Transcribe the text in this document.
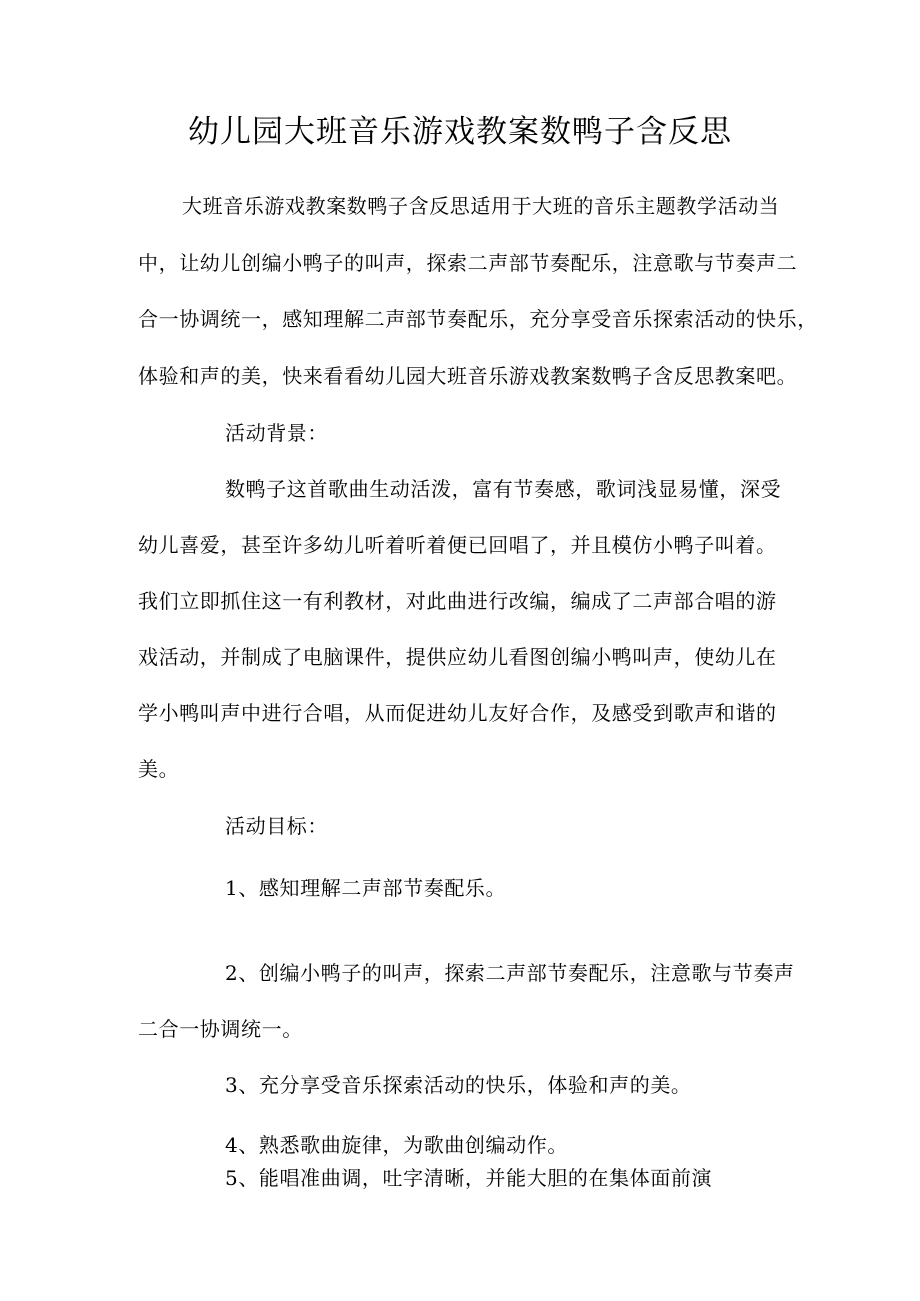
幼儿园大班音乐游戏教案数鸭子含反思
大班音乐游戏教案数鸭子含反思适用于大班的音乐主题教学活动当
中，让幼儿创编小鸭子的叫声，探索二声部节奏配乐，注意歌与节奏声二
合一协调统一，感知理解二声部节奏配乐，充分享受音乐探索活动的快乐，
体验和声的美，快来看看幼儿园大班音乐游戏教案数鸭子含反思教案吧。
活动背景：
数鸭子这首歌曲生动活泼，富有节奏感，歌词浅显易懂，深受
幼儿喜爱，甚至许多幼儿听着听着便已回唱了，并且模仿小鸭子叫着。
我们立即抓住这一有利教材，对此曲进行改编，编成了二声部合唱的游
戏活动，并制成了电脑课件，提供应幼儿看图创编小鸭叫声，使幼儿在
学小鸭叫声中进行合唱，从而促进幼儿友好合作，及感受到歌声和谐的
美。
活动目标：
1、感知理解二声部节奏配乐。
2、创编小鸭子的叫声，探索二声部节奏配乐，注意歌与节奏声
二合一协调统一。
3、充分享受音乐探索活动的快乐，体验和声的美。
4、熟悉歌曲旋律，为歌曲创编动作。
5、能唱准曲调，吐字清晰，并能大胆的在集体面前演
